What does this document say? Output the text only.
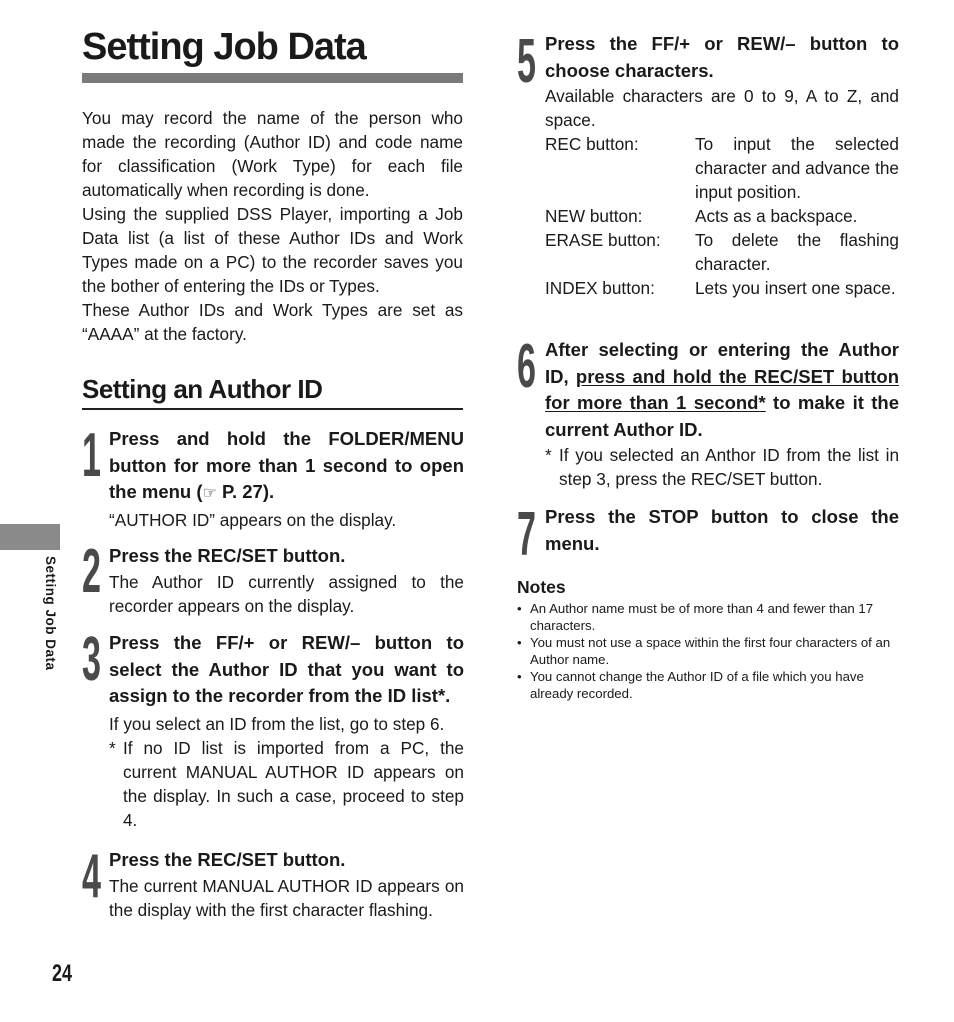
Setting Job Data

You may record the name of the person who made the recording (Author ID) and code name for classification (Work Type) for each file automatically when recording is done.

Using the supplied DSS Player, importing a Job Data list (a list of these Author IDs and Work Types made on a PC) to the recorder saves you the bother of entering the IDs or Types.

These Author IDs and Work Types are set as “AAAA” at the factory.

Setting an Author ID
1 Press and hold the FOLDER/MENU button for more than 1 second to open the menu (☞ P. 27).

“AUTHOR ID” appears on the display.

2 Press the REC/SET button.

The Author ID currently assigned to the recorder appears on the display.

3 Press the FF/+ or REW/– button to select the Author ID that you want to assign to the recorder from the ID list*.

If you select an ID from the list, go to step 6.

* If no ID list is imported from a PC, the current MANUAL AUTHOR ID appears on the display. In such a case, proceed to step 4.
4 Press the REC/SET button.

The current MANUAL AUTHOR ID appears on the display with the first character flashing.

5 Press the FF/+ or REW/– button to choose characters.

Available characters are 0 to 9, A to Z, and space.

REC button:	To input the selected character and advance the input position.
NEW button:	Acts as a backspace.
ERASE button:	To delete the flashing character.
INDEX button:	Lets you insert one space.
6 After selecting or entering the Author ID, press and hold the REC/SET button for more than 1 second* to make it the current Author ID.

* If you selected an Anthor ID from the list in step 3, press the REC/SET button.
7 Press the STOP button to close the menu.

Notes
• An Author name must be of more than 4 and fewer than 17 characters.
• You must not use a space within the first four characters of an Author name.
• You cannot change the Author ID of a file which you have already recorded.
Setting Job Data
24
